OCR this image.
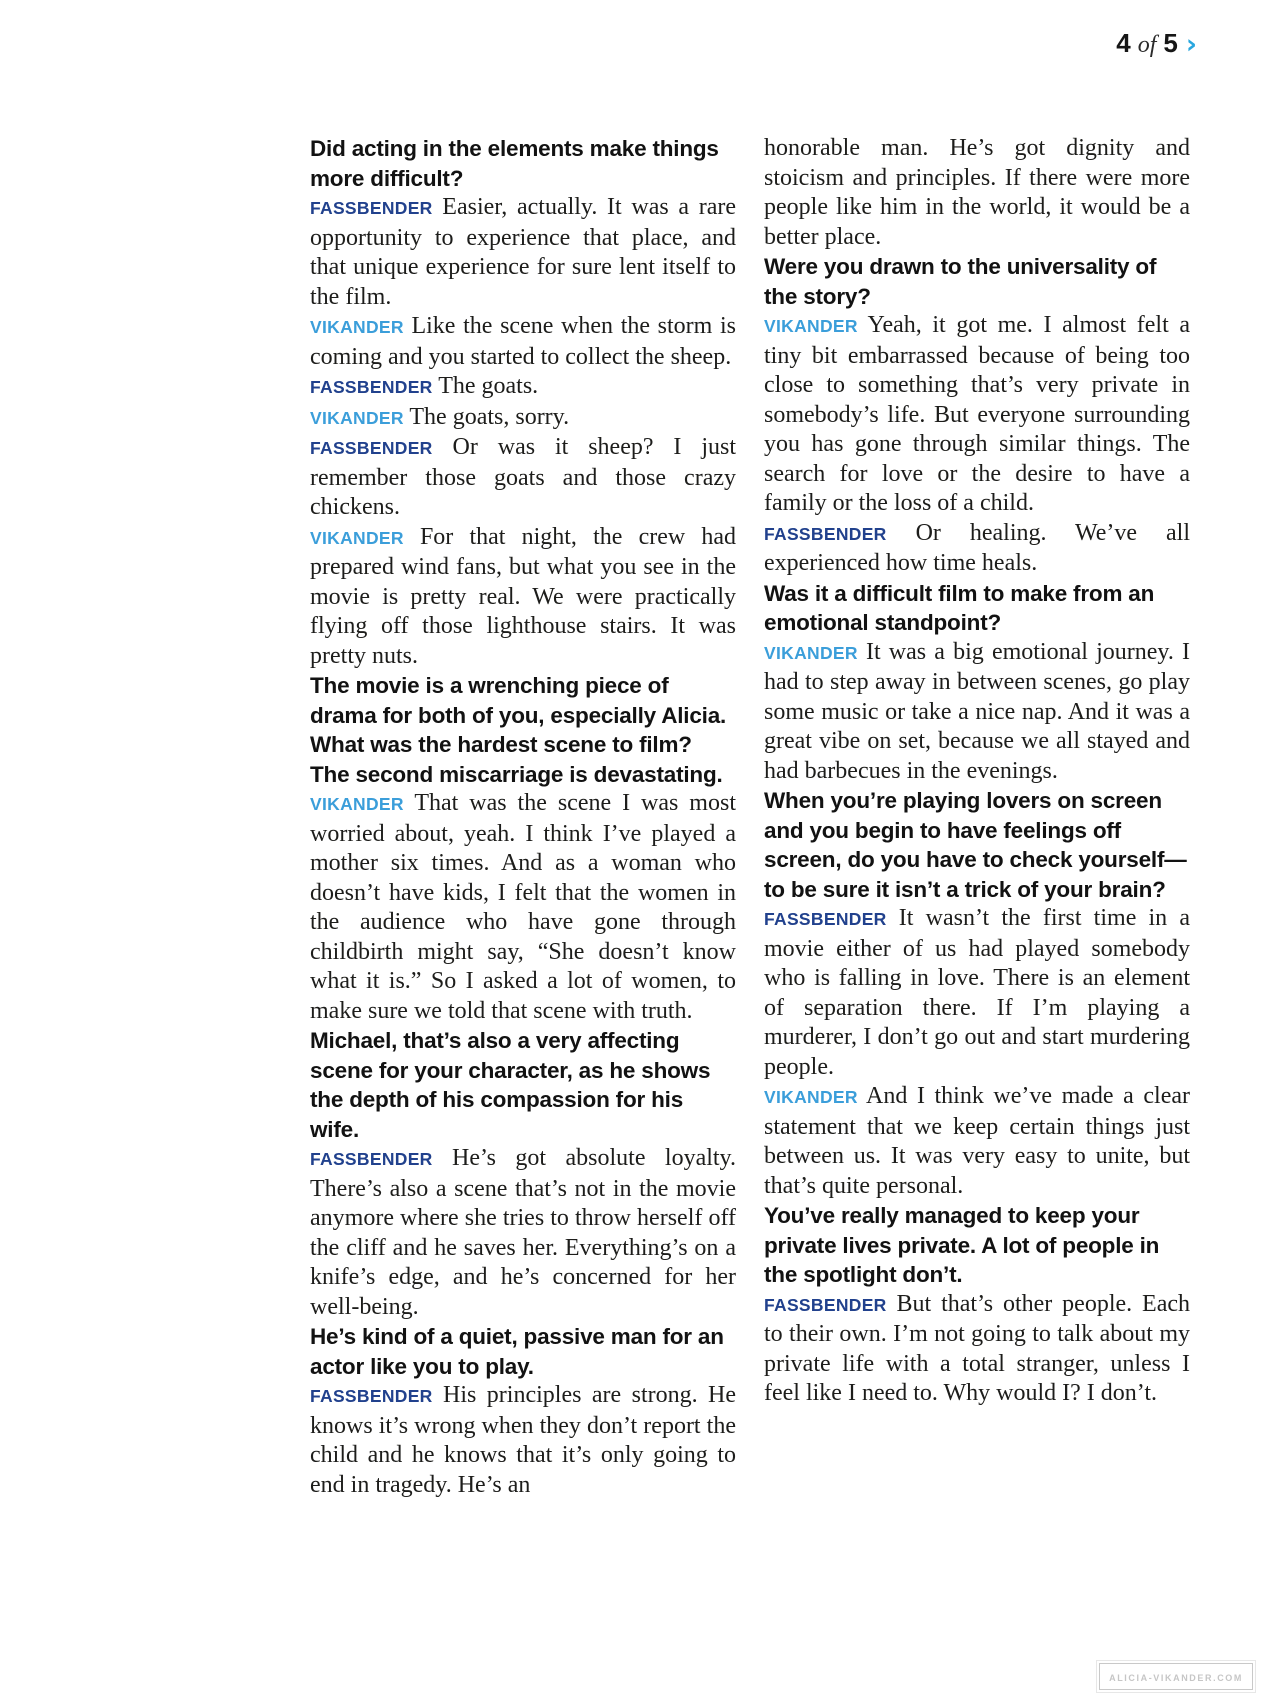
4 of 5 ›

Did acting in the elements make things more difficult?

FASSBENDER Easier, actually. It was a rare opportunity to experience that place, and that unique experience for sure lent itself to the film.

VIKANDER Like the scene when the storm is coming and you started to collect the sheep.

FASSBENDER The goats.

VIKANDER The goats, sorry.

FASSBENDER Or was it sheep? I just remember those goats and those crazy chickens.

VIKANDER For that night, the crew had prepared wind fans, but what you see in the movie is pretty real. We were practically flying off those lighthouse stairs. It was pretty nuts.

The movie is a wrenching piece of drama for both of you, especially Alicia. What was the hardest scene to film? The second miscarriage is devastating.

VIKANDER That was the scene I was most worried about, yeah. I think I’ve played a mother six times. And as a woman who doesn’t have kids, I felt that the women in the audience who have gone through childbirth might say, “She doesn’t know what it is.” So I asked a lot of women, to make sure we told that scene with truth.

Michael, that’s also a very affecting scene for your character, as he shows the depth of his compassion for his wife.

FASSBENDER He’s got absolute loyalty. There’s also a scene that’s not in the movie anymore where she tries to throw herself off the cliff and he saves her. Everything’s on a knife’s edge, and he’s concerned for her well-being.

He’s kind of a quiet, passive man for an actor like you to play.

FASSBENDER His principles are strong. He knows it’s wrong when they don’t report the child and he knows that it’s only going to end in tragedy. He’s an

honorable man. He’s got dignity and stoicism and principles. If there were more people like him in the world, it would be a better place.

Were you drawn to the universality of the story?

VIKANDER Yeah, it got me. I almost felt a tiny bit embarrassed because of being too close to something that’s very private in somebody’s life. But everyone surrounding you has gone through similar things. The search for love or the desire to have a family or the loss of a child.

FASSBENDER Or healing. We’ve all experienced how time heals.

Was it a difficult film to make from an emotional standpoint?

VIKANDER It was a big emotional journey. I had to step away in between scenes, go play some music or take a nice nap. And it was a great vibe on set, because we all stayed and had barbecues in the evenings.

When you’re playing lovers on screen and you begin to have feelings off screen, do you have to check yourself—to be sure it isn’t a trick of your brain?

FASSBENDER It wasn’t the first time in a movie either of us had played somebody who is falling in love. There is an element of separation there. If I’m playing a murderer, I don’t go out and start murdering people.

VIKANDER And I think we’ve made a clear statement that we keep certain things just between us. It was very easy to unite, but that’s quite personal.

You’ve really managed to keep your private lives private. A lot of people in the spotlight don’t.

FASSBENDER But that’s other people. Each to their own. I’m not going to talk about my private life with a total stranger, unless I feel like I need to. Why would I? I don’t.

ALICIA-VIKANDER.COM
